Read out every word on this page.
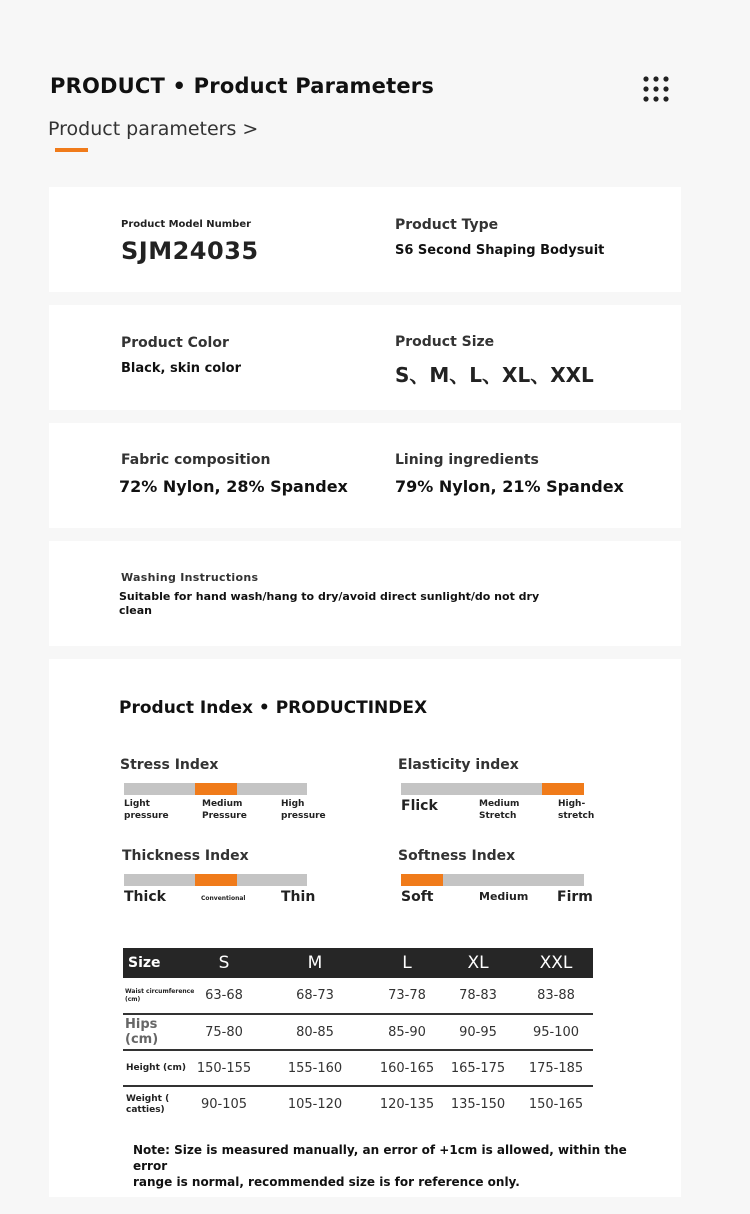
PRODUCT • Product Parameters
Product parameters >
Product Model Number
SJM24035
Product Type
S6 Second Shaping Bodysuit
Product Color
Black, skin color
Product Size
S、M、L、XL、XXL
Fabric composition
72% Nylon, 28% Spandex
Lining ingredients
79% Nylon, 21% Spandex
Washing Instructions
Suitable for hand wash/hang to dry/avoid direct sunlight/do not dry
clean
Product Index • PRODUCTINDEX
Stress Index
Light
pressure
Medium
Pressure
High
pressure
Elasticity index
Flick	Medium
Stretch
High-
stretch
Thickness Index
Thick	Conventional	Thin
Softness Index
Soft	Medium Firm
Size	S	M	L	XL	XXL
Waist circumference
(cm)	63-68	68-73	73-78	78-83	83-88
Hips (cm)	75-80	80-85	85-90	90-95	95-100
Height (cm)	150-155	155-160	160-165	165-175	175-185
Weight (
catties)	90-105	105-120	120-135	135-150	150-165
Note: Size is measured manually, an error of +1cm is allowed, within the error
range is normal, recommended size is for reference only.
